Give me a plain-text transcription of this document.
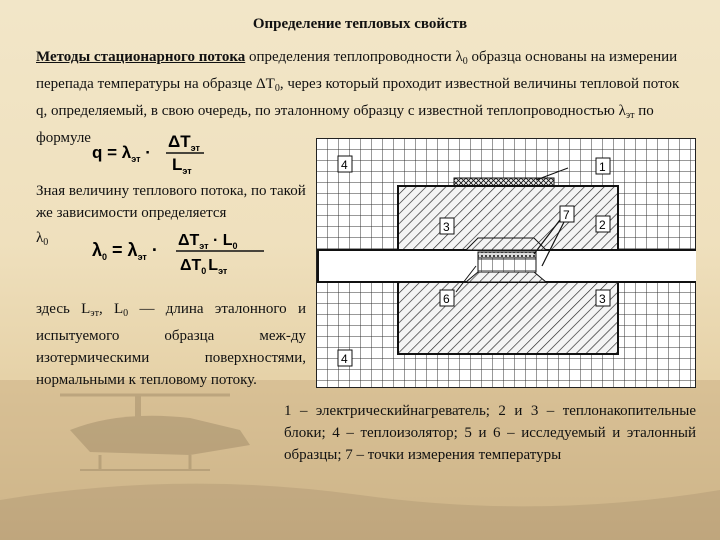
Определение тепловых свойств

Методы стационарного потока определения теплопроводности $\lambda_0$ образца основаны на измерении перепада температуры на образце $\Delta T_0$, через который проходит известной величины тепловой поток q, определяемый, в свою очередь, по эталонному образцу с известной теплопроводностью $\lambda_{эт}$ по формуле

$q = \lambda_{эт}$ ·
$\Delta T_{эт}$
$L_{эт}$

Зная величину теплового потока, по такой же зависимости определяется

$\lambda_0$ $\lambda_0 = \lambda_{эт} \cdot \Delta T_{эт} \cdot L_0$
$\Delta T_0$ $L_{эт}$

здесь $L_{эт}$, $L_0$ — длина эталонного и испытуемого образца меж-ду изотермическими поверхностями, нормальными к тепловому потоку.

4	1
3	2
7
6	3
4

1 – электрическийнагреватель; 2 и 3 – теплонакопительные блоки; 4 – теплоизолятор; 5 и 6 – исследуемый и эталонный образцы; 7 – точки измерения температуры
